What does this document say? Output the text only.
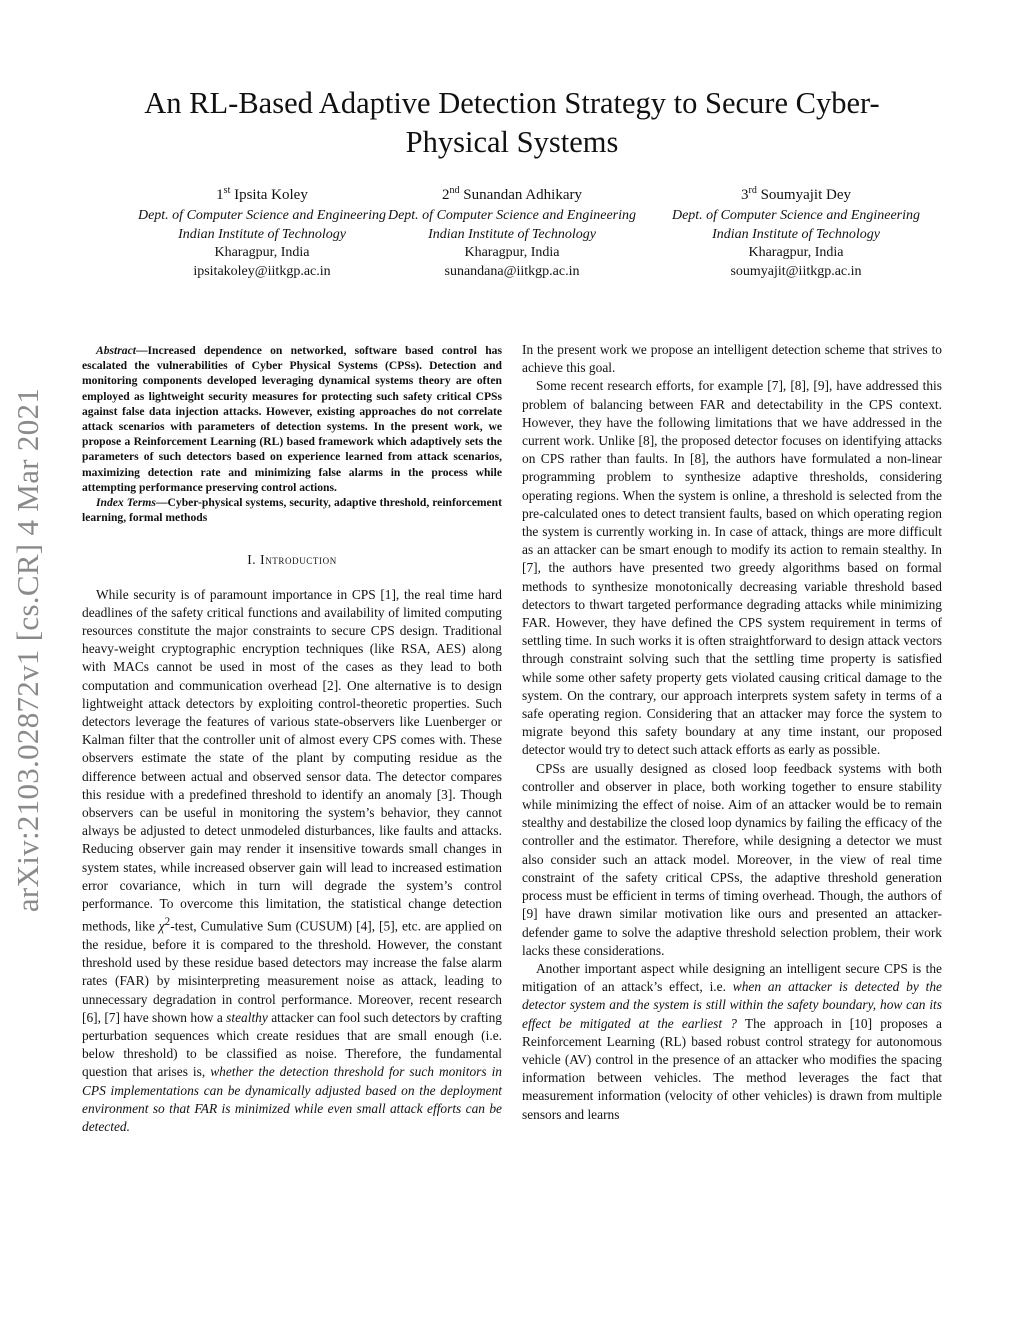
An RL-Based Adaptive Detection Strategy to Secure Cyber-Physical Systems
1st Ipsita Koley
Dept. of Computer Science and Engineering
Indian Institute of Technology
Kharagpur, India
ipsitakoley@iitkgp.ac.in
2nd Sunandan Adhikary
Dept. of Computer Science and Engineering
Indian Institute of Technology
Kharagpur, India
sunandana@iitkgp.ac.in
3rd Soumyajit Dey
Dept. of Computer Science and Engineering
Indian Institute of Technology
Kharagpur, India
soumyajit@iitkgp.ac.in
arXiv:2103.02872v1 [cs.CR] 4 Mar 2021

Abstract—Increased dependence on networked, software based control has escalated the vulnerabilities of Cyber Physical Systems (CPSs). Detection and monitoring components developed leveraging dynamical systems theory are often employed as lightweight security measures for protecting such safety critical CPSs against false data injection attacks. However, existing approaches do not correlate attack scenarios with parameters of detection systems. In the present work, we propose a Reinforcement Learning (RL) based framework which adaptively sets the parameters of such detectors based on experience learned from attack scenarios, maximizing detection rate and minimizing false alarms in the process while attempting performance preserving control actions.

Index Terms—Cyber-physical systems, security, adaptive threshold, reinforcement learning, formal methods

I. Introduction

While security is of paramount importance in CPS [1], the real time hard deadlines of the safety critical functions and availability of limited computing resources constitute the major constraints to secure CPS design. Traditional heavy-weight cryptographic encryption techniques (like RSA, AES) along with MACs cannot be used in most of the cases as they lead to both computation and communication overhead [2]. One alternative is to design lightweight attack detectors by exploiting control-theoretic properties. Such detectors leverage the features of various state-observers like Luenberger or Kalman filter that the controller unit of almost every CPS comes with. These observers estimate the state of the plant by computing residue as the difference between actual and observed sensor data. The detector compares this residue with a predefined threshold to identify an anomaly [3]. Though observers can be useful in monitoring the system’s behavior, they cannot always be adjusted to detect unmodeled disturbances, like faults and attacks. Reducing observer gain may render it insensitive towards small changes in system states, while increased observer gain will lead to increased estimation error covariance, which in turn will degrade the system’s control performance. To overcome this limitation, the statistical change detection methods, like $\chi^2$-test, Cumulative Sum (CUSUM) [4], [5], etc. are applied on the residue, before it is compared to the threshold. However, the constant threshold used by these residue based detectors may increase the false alarm rates (FAR) by misinterpreting measurement noise as attack, leading to unnecessary degradation in control performance. Moreover, recent research [6], [7] have shown how a stealthy attacker can fool such detectors by crafting perturbation sequences which create residues that are small enough (i.e. below threshold) to be classified as noise. Therefore, the fundamental question that arises is, whether the detection threshold for such monitors in CPS implementations can be dynamically adjusted based on the deployment environment so that FAR is minimized while even small attack efforts can be detected.

In the present work we propose an intelligent detection scheme that strives to achieve this goal.

Some recent research efforts, for example [7], [8], [9], have addressed this problem of balancing between FAR and detectability in the CPS context. However, they have the following limitations that we have addressed in the current work. Unlike [8], the proposed detector focuses on identifying attacks on CPS rather than faults. In [8], the authors have formulated a non-linear programming problem to synthesize adaptive thresholds, considering operating regions. When the system is online, a threshold is selected from the pre-calculated ones to detect transient faults, based on which operating region the system is currently working in. In case of attack, things are more difficult as an attacker can be smart enough to modify its action to remain stealthy. In [7], the authors have presented two greedy algorithms based on formal methods to synthesize monotonically decreasing variable threshold based detectors to thwart targeted performance degrading attacks while minimizing FAR. However, they have defined the CPS system requirement in terms of settling time. In such works it is often straightforward to design attack vectors through constraint solving such that the settling time property is satisfied while some other safety property gets violated causing critical damage to the system. On the contrary, our approach interprets system safety in terms of a safe operating region. Considering that an attacker may force the system to migrate beyond this safety boundary at any time instant, our proposed detector would try to detect such attack efforts as early as possible.

CPSs are usually designed as closed loop feedback systems with both controller and observer in place, both working together to ensure stability while minimizing the effect of noise. Aim of an attacker would be to remain stealthy and destabilize the closed loop dynamics by failing the efficacy of the controller and the estimator. Therefore, while designing a detector we must also consider such an attack model. Moreover, in the view of real time constraint of the safety critical CPSs, the adaptive threshold generation process must be efficient in terms of timing overhead. Though, the authors of [9] have drawn similar motivation like ours and presented an attacker-defender game to solve the adaptive threshold selection problem, their work lacks these considerations.

Another important aspect while designing an intelligent secure CPS is the mitigation of an attack’s effect, i.e. when an attacker is detected by the detector system and the system is still within the safety boundary, how can its effect be mitigated at the earliest ? The approach in [10] proposes a Reinforcement Learning (RL) based robust control strategy for autonomous vehicle (AV) control in the presence of an attacker who modifies the spacing information between vehicles. The method leverages the fact that measurement information (velocity of other vehicles) is drawn from multiple sensors and learns
